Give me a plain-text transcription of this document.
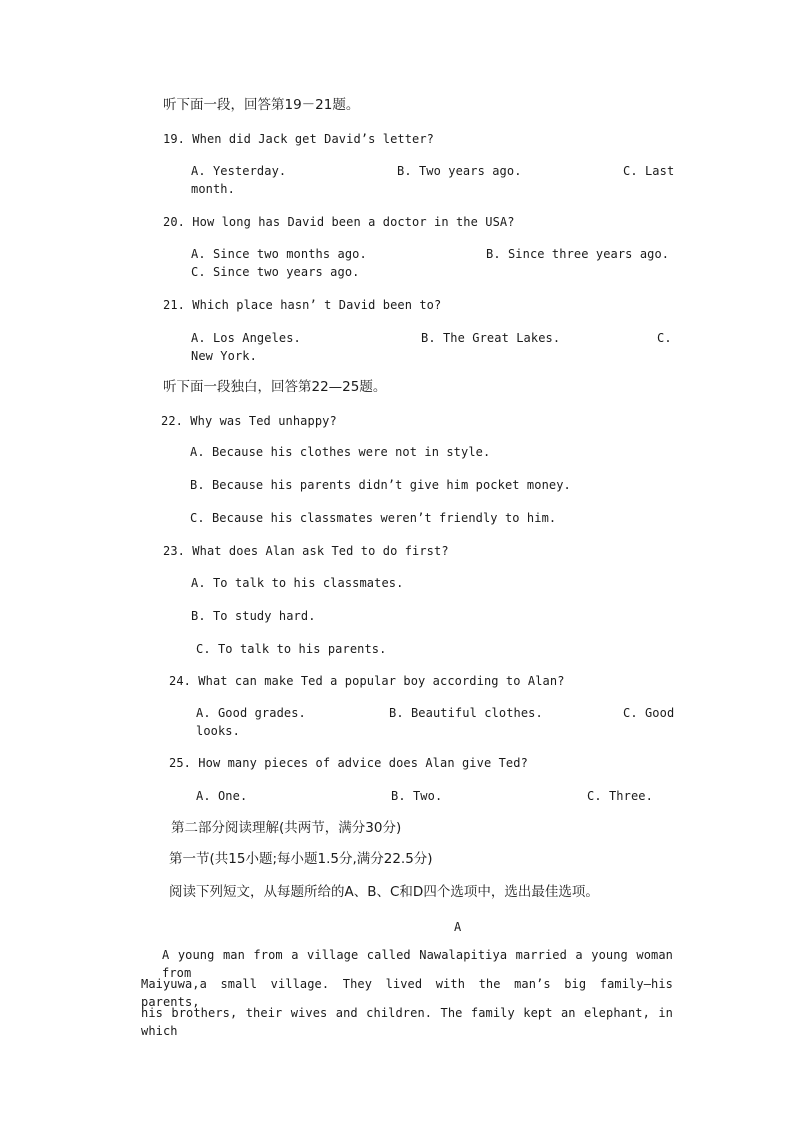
听下面一段，回答第19－21题。
19. When did Jack get David’s letter?
A. Yesterday.	B. Two years ago.	C. Last
month.
20. How long has David been a doctor in the USA?
A. Since two months ago.	B. Since three years ago.
C. Since two years ago.
21. Which place hasn’ t David been to?
A. Los Angeles.	B. The Great Lakes.	C.
New York.
听下面一段独白，回答第22—25题。
22. Why was Ted unhappy?
A. Because his clothes were not in style.
B. Because his parents didn’t give him pocket money.
C. Because his classmates weren’t friendly to him.
23. What does Alan ask Ted to do first?
A. To talk to his classmates.
B. To study hard.
C. To talk to his parents.
24. What can make Ted a popular boy according to Alan?
A. Good grades.	B. Beautiful clothes.	C. Good
looks.
25. How many pieces of advice does Alan give Ted?
A. One.	B. Two.	C. Three.
第二部分阅读理解(共两节，满分30分)
第一节(共15小题;每小题1.5分,满分22.5分)
阅读下列短文，从每题所给的A、B、C和D四个选项中，选出最佳选项。
A
A young man from a village called Nawalapitiya married a young woman from
Maiyuwa,a small village. They lived with the man’s big family—his parents,
his brothers, their wives and children. The family kept an elephant, in which
